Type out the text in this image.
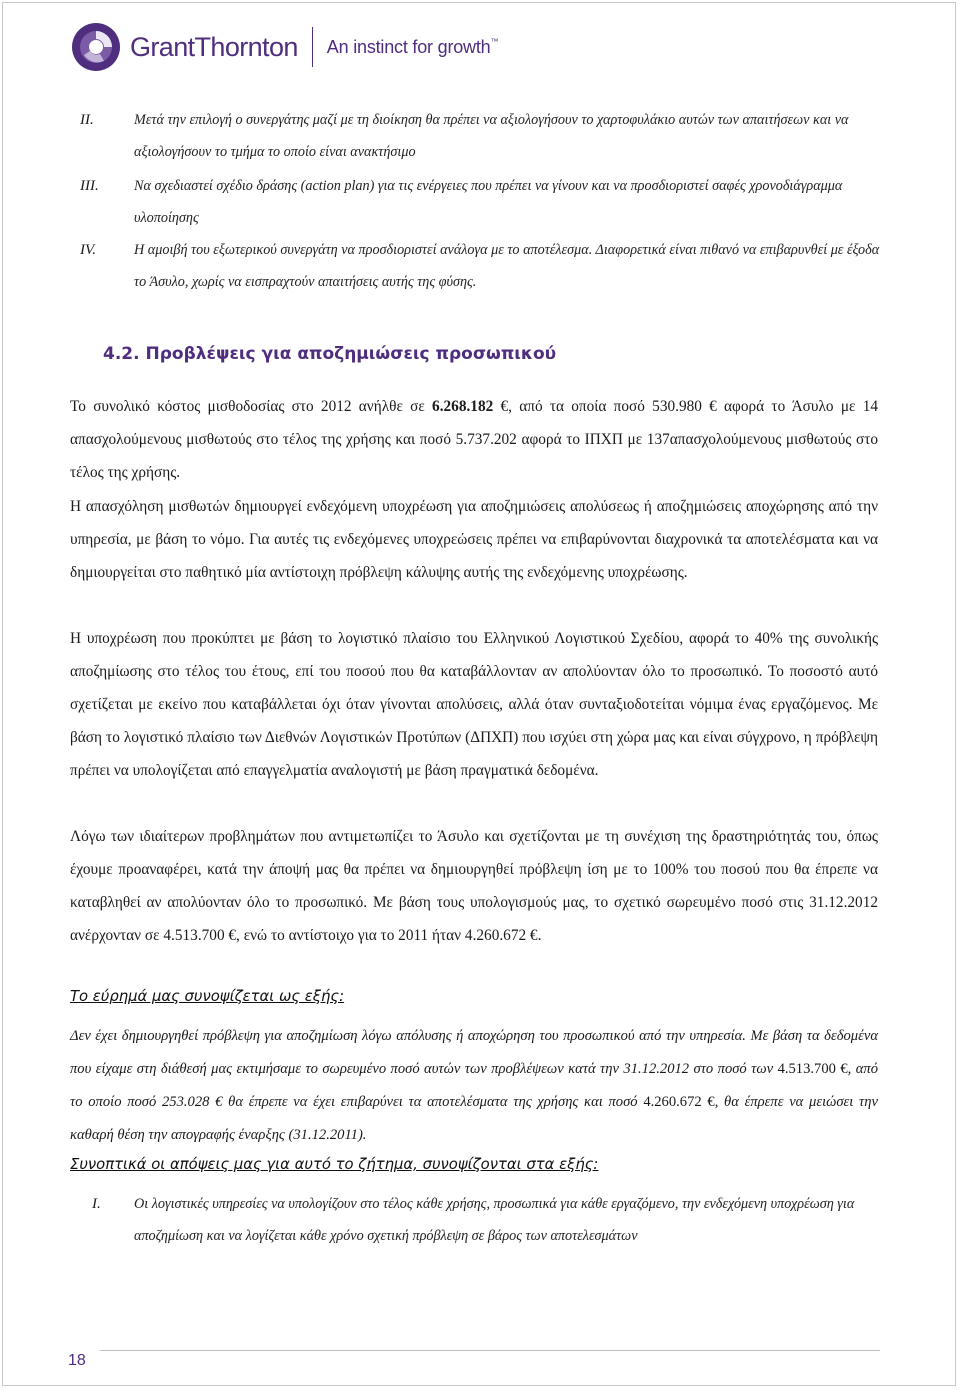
GrantThornton An instinct for growth™
II.	Μετά την επιλογή ο συνεργάτης μαζί με τη διοίκηση θα πρέπει να αξιολογήσουν το χαρτοφυλάκιο αυτών των απαιτήσεων και να αξιολογήσουν το τμήμα το οποίο είναι ανακτήσιμο
III. Να σχεδιαστεί σχέδιο δράσης (action plan) για τις ενέργειες που πρέπει να γίνουν και να προσδιοριστεί σαφές χρονοδιάγραμμα υλοποίησης
IV.	Η αμοιβή του εξωτερικού συνεργάτη να προσδιοριστεί ανάλογα με το αποτέλεσμα. Διαφορετικά είναι πιθανό να επιβαρυνθεί με έξοδα το Άσυλο, χωρίς να εισπραχτούν απαιτήσεις αυτής της φύσης.
4.2. Προβλέψεις για αποζημιώσεις προσωπικού
Το συνολικό κόστος μισθοδοσίας στο 2012 ανήλθε σε 6.268.182 €, από τα οποία ποσό 530.980 € αφορά το Άσυλο με 14 απασχολούμενους μισθωτούς στο τέλος της χρήσης και ποσό 5.737.202 αφορά το ΙΠΧΠ με 137απασχολούμενους μισθωτούς στο τέλος της χρήσης.
Η απασχόληση μισθωτών δημιουργεί ενδεχόμενη υποχρέωση για αποζημιώσεις απολύσεως ή αποζημιώσεις αποχώρησης από την υπηρεσία, με βάση το νόμο. Για αυτές τις ενδεχόμενες υποχρεώσεις πρέπει να επιβαρύνονται διαχρονικά τα αποτελέσματα και να δημιουργείται στο παθητικό μία αντίστοιχη πρόβλεψη κάλυψης αυτής της ενδεχόμενης υποχρέωσης.
Η υποχρέωση που προκύπτει με βάση το λογιστικό πλαίσιο του Ελληνικού Λογιστικού Σχεδίου, αφορά το 40% της συνολικής αποζημίωσης στο τέλος του έτους, επί του ποσού που θα καταβάλλονταν αν απολύονταν όλο το προσωπικό. Το ποσοστό αυτό σχετίζεται με εκείνο που καταβάλλεται όχι όταν γίνονται απολύσεις, αλλά όταν συνταξιοδοτείται νόμιμα ένας εργαζόμενος. Με βάση το λογιστικό πλαίσιο των Διεθνών Λογιστικών Προτύπων (ΔΠΧΠ) που ισχύει στη χώρα μας και είναι σύγχρονο, η πρόβλεψη πρέπει να υπολογίζεται από επαγγελματία αναλογιστή με βάση πραγματικά δεδομένα.
Λόγω των ιδιαίτερων προβλημάτων που αντιμετωπίζει το Άσυλο και σχετίζονται με τη συνέχιση της δραστηριότητάς του, όπως έχουμε προαναφέρει, κατά την άποψή μας θα πρέπει να δημιουργηθεί πρόβλεψη ίση με το 100% του ποσού που θα έπρεπε να καταβληθεί αν απολύονταν όλο το προσωπικό. Με βάση τους υπολογισμούς μας, το σχετικό σωρευμένο ποσό στις 31.12.2012 ανέρχονταν σε 4.513.700 €, ενώ το αντίστοιχο για το 2011 ήταν 4.260.672 €.
Το εύρημά μας συνοψίζεται ως εξής:
Δεν έχει δημιουργηθεί πρόβλεψη για αποζημίωση λόγω απόλυσης ή αποχώρηση του προσωπικού από την υπηρεσία. Με βάση τα δεδομένα που είχαμε στη διάθεσή μας εκτιμήσαμε το σωρευμένο ποσό αυτών των προβλέψεων κατά την 31.12.2012 στο ποσό των 4.513.700 €, από το οποίο ποσό 253.028 € θα έπρεπε να έχει επιβαρύνει τα αποτελέσματα της χρήσης και ποσό 4.260.672 €, θα έπρεπε να μειώσει την καθαρή θέση την απογραφής έναρξης (31.12.2011).
Συνοπτικά οι απόψεις μας για αυτό το ζήτημα, συνοψίζονται στα εξής:
I. Οι λογιστικές υπηρεσίες να υπολογίζουν στο τέλος κάθε χρήσης, προσωπικά για κάθε εργαζόμενο, την ενδεχόμενη υποχρέωση για αποζημίωση και να λογίζεται κάθε χρόνο σχετική πρόβλεψη σε βάρος των αποτελεσμάτων
18
